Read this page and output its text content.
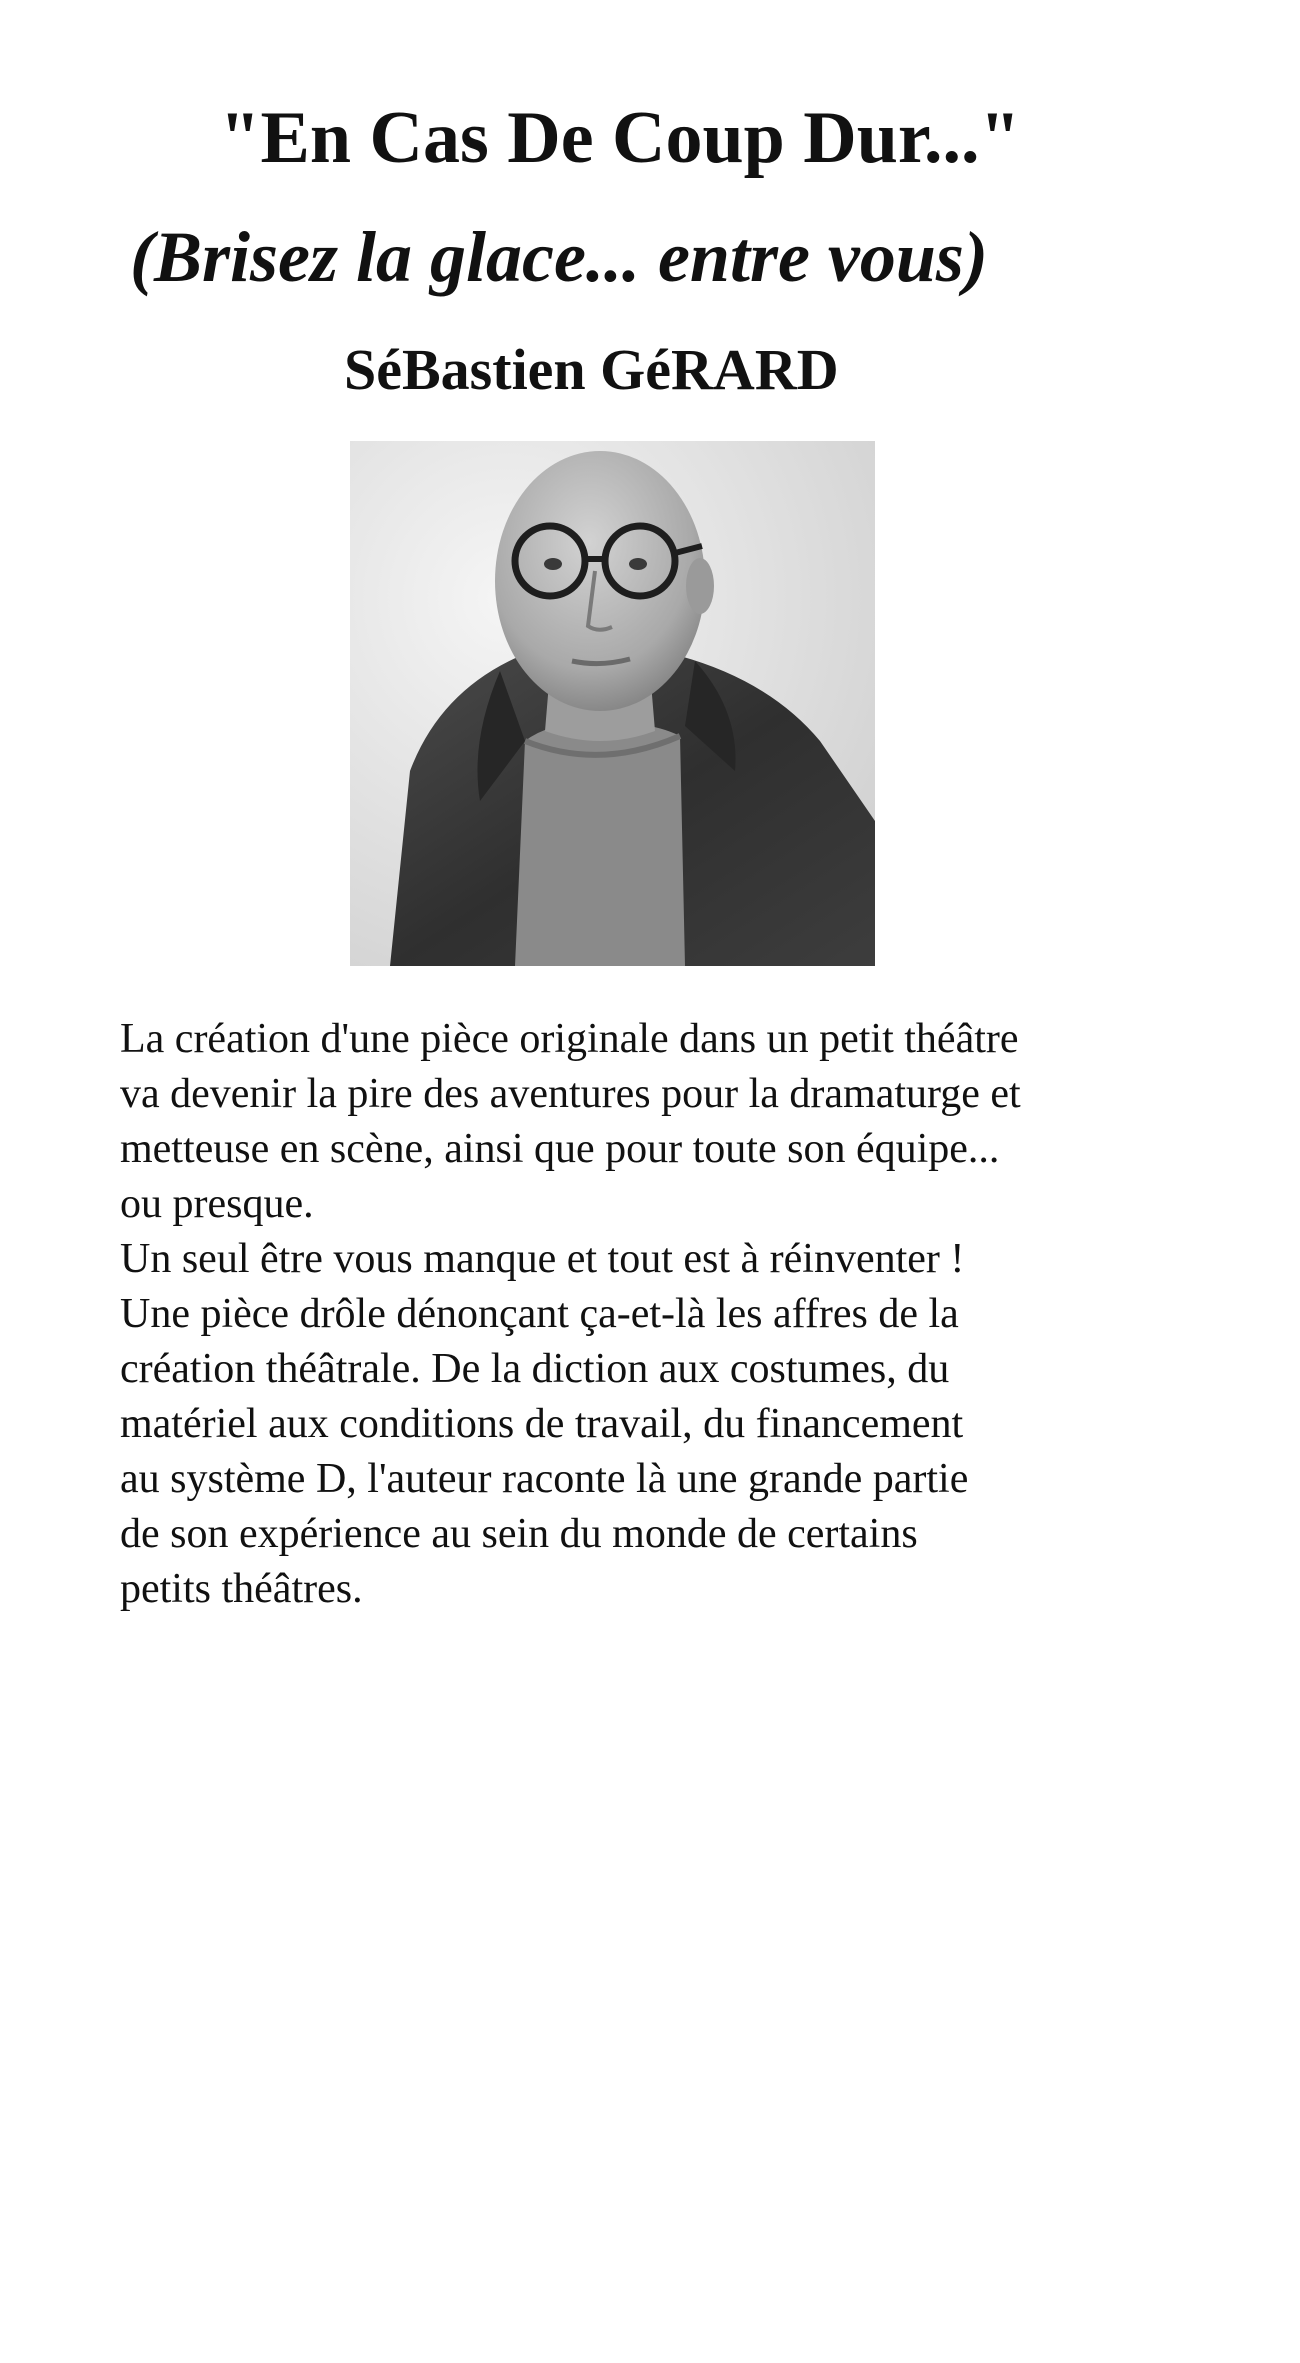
"En Cas De Coup Dur..."
(Brisez la glace... entre vous)
SéBastien GéRARD

La création d'une pièce originale dans un petit théâtre
va devenir la pire des aventures pour la dramaturge et
metteuse en scène, ainsi que pour toute son équipe...
ou presque.
Un seul être vous manque et tout est à réinventer !
Une pièce drôle dénonçant ça-et-là les affres de la
création théâtrale. De la diction aux costumes, du
matériel aux conditions de travail, du financement
au système D, l'auteur raconte là une grande partie
de son expérience au sein du monde de certains
petits théâtres.
